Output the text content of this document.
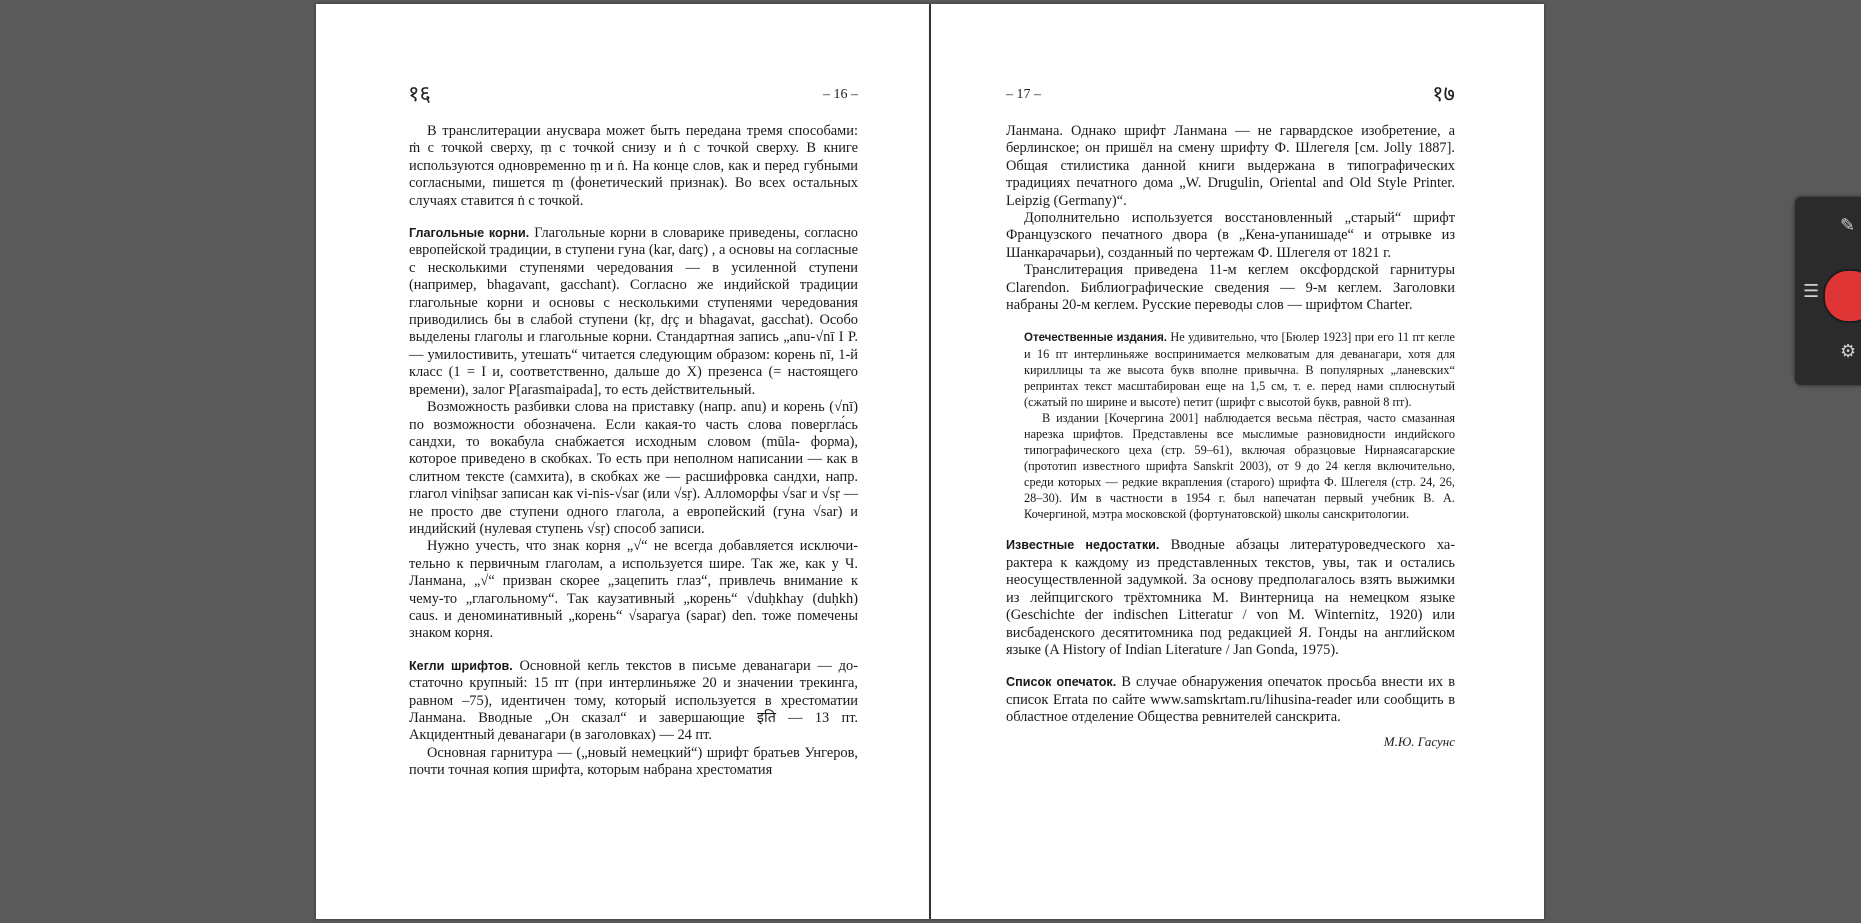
१६	– 16 –

В транслитерации анусвара может быть передана тремя способами: ṁ с точкой сверху, ṃ с точкой снизу и ṅ с точкой сверху. В книге используются одновременно ṃ и ṅ. На конце слов, как и перед губными согласными, пишется ṃ (фонетический признак). Во всех остальных случаях ставится ṅ с точкой.

Глагольные корни. Глагольные корни в словарике приведены, согласно европейской традиции, в ступени гуна (kar, darç) , а основы на согласные с несколькими ступенями чередования — в усиленной ступени (например, bhagavant, gacchant). Согласно же индийской традиции глагольные корни и основы с несколькими ступенями чередования приводились бы в слабой ступени (kṛ, dṛç и bhagavat, gacchat). Особо выделены глаголы и глагольные корни. Стандартная запись „anu-√nī I P.— умилостивить, утешать“ читается следующим образом: корень nī, 1-й класс (1 = I и, соответственно, дальше до X) презенса (= настоящего времени), залог P[arasmaipada], то есть действительный.

Возможность разбивки слова на приставку (напр. anu) и корень (√nī) по возможности обозначена. Если какая-то часть слова повергла́сь сандхи, то вокабула снабжается исходным словом (mūla- форма), которое приведено в скобках. То есть при неполном написании — как в слитном тексте (самхита), в скобках же — расшифровка сандхи, напр. глагол viniḥsar записан как vi-nis-√sar (или √sṛ). Алломорфы √sar и √sṛ — не просто две ступени одного глагола, а европейский (гуна √sar) и индийский (нулевая ступень √sṛ) способ записи.

Нужно учесть, что знак корня „√“ не всегда добавляется исключительно к первичным глаголам, а используется шире. Так же, как у Ч. Ланмана, „√“ призван скорее „зацепить глаз“, привлечь внимание к чему-то „глагольному“. Так каузативный „корень“ √duḥkhay (duḥkh) caus. и деноминативный „корень“ √saparya (sapar) den. тоже помечены знаком корня.

Кегли шрифтов. Основной кегль текстов в письме деванагари — достаточно крупный: 15 пт (при интерлиньяже 20 и значении трекинга, равном –75), идентичен тому, который используется в хрестоматии Ланмана. Вводные „Он сказал“ и завершающие इति — 13 пт. Акцидентный деванагари (в заголовках) — 24 пт.

Основная гарнитура — („новый немецкий“) шрифт братьев Унгеров, почти точная копия шрифта, которым набрана хрестоматия

– 17 –	१७

Ланмана. Однако шрифт Ланмана — не гарвардское изобретение, а берлинское; он пришёл на смену шрифту Ф. Шлегеля [см. Jolly 1887]. Общая стилистика данной книги выдержана в типографических традициях печатного дома „W. Drugulin, Oriental and Old Style Printer. Leipzig (Germany)“.

Дополнительно используется восстановленный „старый“ шрифт Французского печатного двора (в „Кена-упанишаде“ и отрывке из Шанкарачарьи), созданный по чертежам Ф. Шлегеля от 1821 г.

Транслитерация приведена 11-м кеглем оксфордской гарнитуры Clarendon. Библиографические сведения — 9-м кеглем. Заголовки набраны 20-м кеглем. Русские переводы слов — шрифтом Charter.

Отечественные издания. Не удивительно, что [Бюлер 1923] при его 11 пт кегле и 16 пт интерлиньяже воспринимается мелковатым для деванагари, хотя для кириллицы та же высота букв вполне привычна. В популярных „ланевских“ репринтах текст масштабирован еще на 1,5 см, т. е. перед нами сплюснутый (сжатый по ширине и высоте) петит (шрифт с высотой букв, равной 8 пт).

В издании [Кочергина 2001] наблюдается весьма пёстрая, часто смазанная нарезка шрифтов. Представлены все мыслимые разновидности индийского типографического цеха (стр. 59–61), включая образцовые Нирнаясагарские (прототип известного шрифта Sanskrit 2003), от 9 до 24 кегля включительно, среди которых — редкие вкрапления (старого) шрифта Ф. Шлегеля (стр. 24, 26, 28–30). Им в частности в 1954 г. был напечатан первый учебник В. А. Кочергиной, мэтра московской (фортунатовской) школы санскритологии.

Известные недостатки. Вводные абзацы литературоведческого характера к каждому из представленных текстов, увы, так и остались неосуществленной задумкой. За основу предполагалось взять выжимки из лейпцигского трёхтомника М. Винтерница на немецком языке (Geschichte der indischen Litteratur / von M. Winternitz, 1920) или висбаденского десятитомника под редакцией Я. Гонды на английском языке (A History of Indian Literature / Jan Gonda, 1975).

Список опечаток. В случае обнаружения опечаток просьба внести их в список Errata по сайте www.samskrtam.ru/lihusina-reader или сообщить в областное отделение Общества ревнителей санскрита.

М.Ю. Гасунс
✎
☰
⚙
